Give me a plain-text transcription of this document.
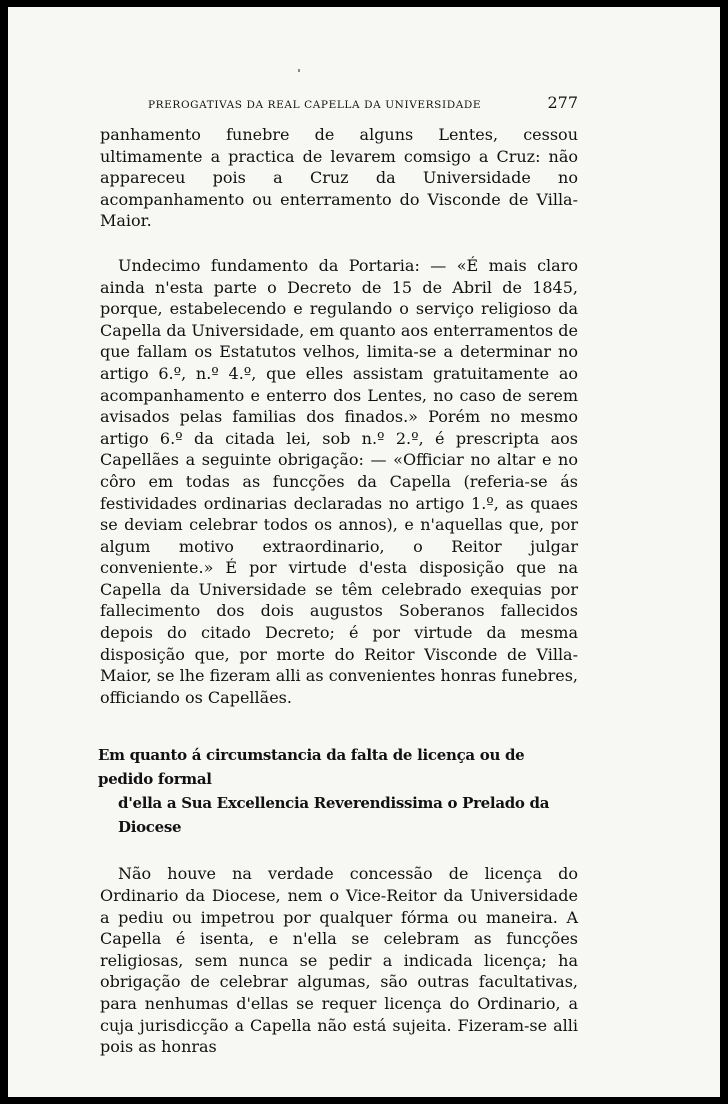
PREROGATIVAS DA REAL CAPELLA DA UNIVERSIDADE	277

panhamento funebre de alguns Lentes, cessou ultimamente a practica de levarem comsigo a Cruz: não appareceu pois a Cruz da Universidade no acompanhamento ou enterramento do Visconde de Villa-Maior.

Undecimo fundamento da Portaria: — «É mais claro ainda n'esta parte o Decreto de 15 de Abril de 1845, porque, estabelecendo e regulando o serviço religioso da Capella da Universidade, em quanto aos enterramentos de que fallam os Estatutos velhos, limita-se a determinar no artigo 6.º, n.º 4.º, que elles assistam gratuitamente ao acompanhamento e enterro dos Lentes, no caso de serem avisados pelas familias dos finados.» Porém no mesmo artigo 6.º da citada lei, sob n.º 2.º, é prescripta aos Capellães a seguinte obrigação: — «Officiar no altar e no côro em todas as funcções da Capella (referia-se ás festividades ordinarias declaradas no artigo 1.º, as quaes se deviam celebrar todos os annos), e n'aquellas que, por algum motivo extraordinario, o Reitor julgar conveniente.» É por virtude d'esta disposição que na Capella da Universidade se têm celebrado exequias por fallecimento dos dois augustos Soberanos fallecidos depois do citado Decreto; é por virtude da mesma disposição que, por morte do Reitor Visconde de Villa-Maior, se lhe fizeram alli as convenientes honras funebres, officiando os Capellães.

Em quanto á circumstancia da falta de licença ou de pedido formal
d'ella a Sua Excellencia Reverendissima o Prelado da Diocese

Não houve na verdade concessão de licença do Ordinario da Diocese, nem o Vice-Reitor da Universidade a pediu ou impetrou por qualquer fórma ou maneira. A Capella é isenta, e n'ella se celebram as funcções religiosas, sem nunca se pedir a indicada licença; ha obrigação de celebrar algumas, são outras facultativas, para nenhumas d'ellas se requer licença do Ordinario, a cuja jurisdicção a Capella não está sujeita. Fizeram-se alli pois as honras
